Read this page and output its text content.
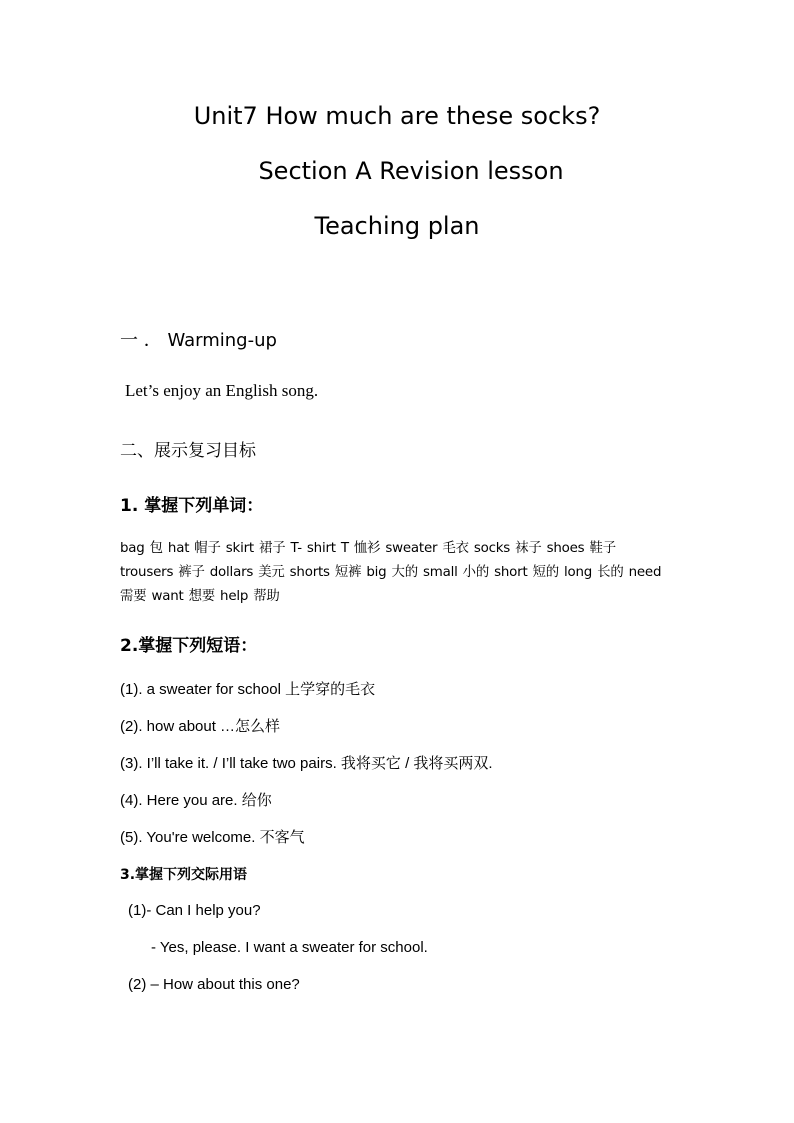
Unit7 How much are these socks?
Section A Revision lesson
Teaching plan
一 ． Warming-up
Let’s enjoy an English song.
二、展示复习目标
1. 掌握下列单词：
bag 包 hat 帽子 skirt 裙子 T- shirt T 恤衫 sweater 毛衣 socks 袜子 shoes 鞋子 trousers 裤子 dollars 美元 shorts 短裤 big 大的 small 小的 short 短的 long 长的 need 需要 want 想要 help 帮助
2.掌握下列短语：
(1). a sweater for school 上学穿的毛衣
(2). how about …怎么样
(3). I’ll take it. / I’ll take two pairs. 我将买它 / 我将买两双.
(4). Here you are. 给你
(5). You're welcome. 不客气
3.掌握下列交际用语
(1)- Can I help you?
- Yes, please. I want a sweater for school.
(2) – How about this one?
